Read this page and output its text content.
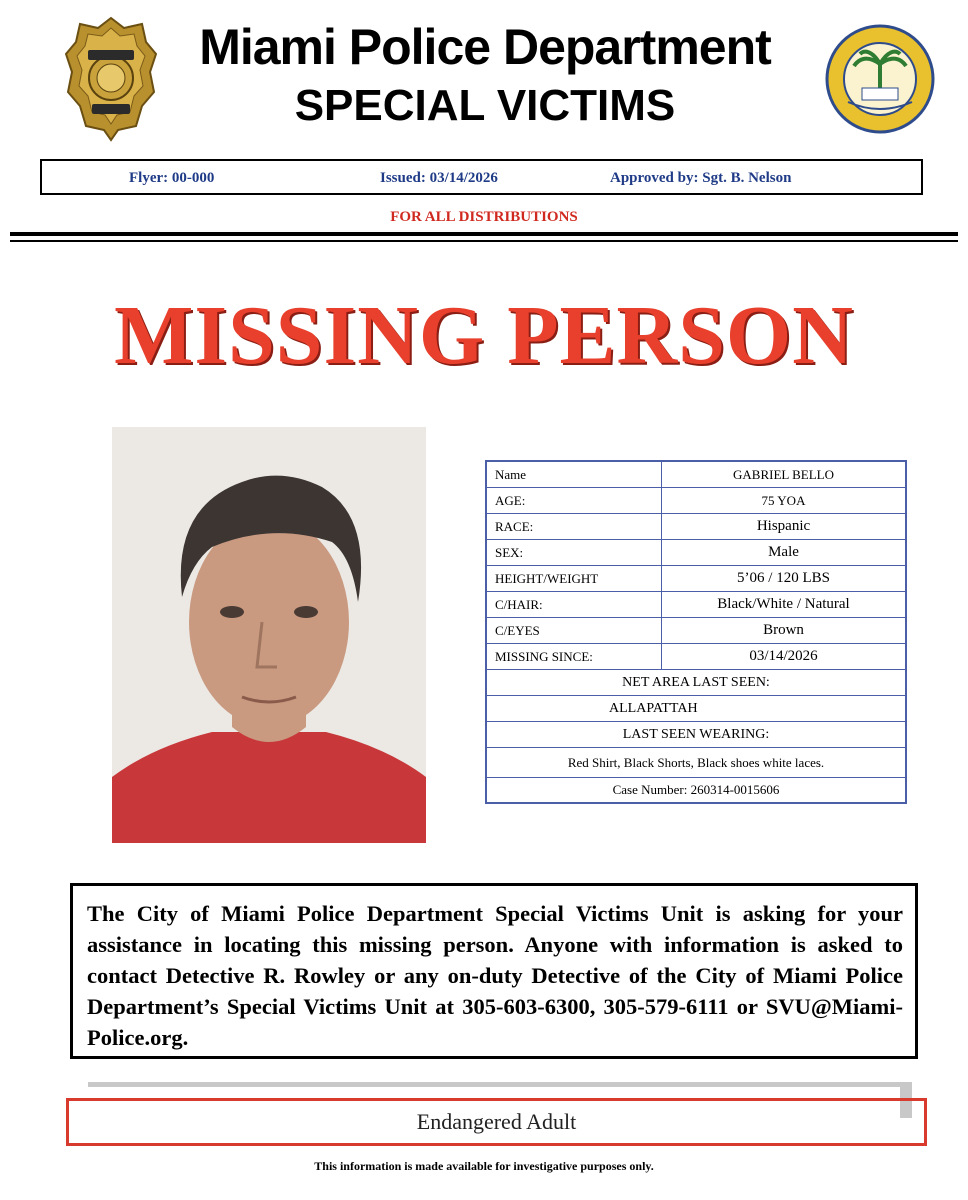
Miami Police Department
SPECIAL VICTIMS
Flyer: 00-000	Issued: 03/14/2026	Approved by: Sgt. B. Nelson
FOR ALL DISTRIBUTIONS
MISSING PERSON
Name	GABRIEL BELLO
AGE:	75 YOA
RACE:	Hispanic
SEX:	Male
HEIGHT/WEIGHT	5’06 / 120 LBS
C/HAIR:	Black/White / Natural
C/EYES	Brown
MISSING SINCE:	03/14/2026
NET AREA LAST SEEN:	
ALLAPATTAH	
LAST SEEN WEARING:	
Red Shirt, Black Shorts, Black shoes white laces.	
Case Number: 260314-0015606	
The City of Miami Police Department Special Victims Unit is asking for your assistance in locating this missing person. Anyone with information is asked to contact Detective R. Rowley or any on-duty Detective of the City of Miami Police Department’s Special Victims Unit at 305-603-6300, 305-579-6111 or SVU@Miami-Police.org.
Endangered Adult
This information is made available for investigative purposes only.
